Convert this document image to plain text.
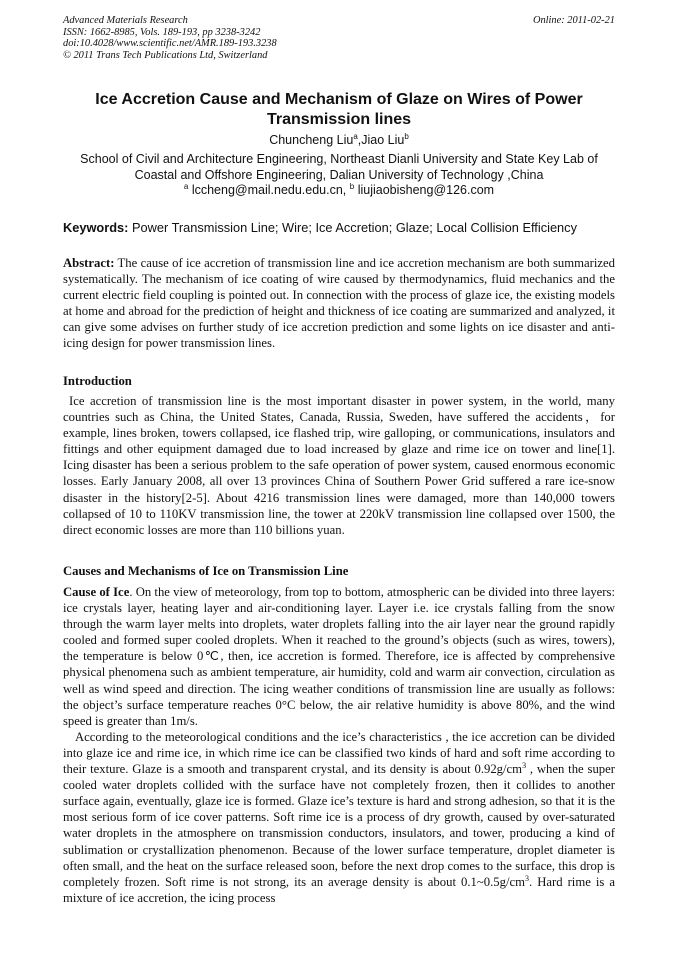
Advanced Materials Research
ISSN: 1662-8985, Vols. 189-193, pp 3238-3242
doi:10.4028/www.scientific.net/AMR.189-193.3238
© 2011 Trans Tech Publications Ltd, Switzerland
Online: 2011-02-21
Ice Accretion Cause and Mechanism of Glaze on Wires of Power
Transmission lines
Chuncheng Liu$^a$,Jiao Liu$^b$
School of Civil and Architecture Engineering, Northeast Dianli University and State Key Lab of
Coastal and Offshore Engineering, Dalian University of Technology ,China
$^a$ lccheng@mail.nedu.edu.cn, $^b$ liujiaobisheng@126.com
Keywords: Power Transmission Line; Wire; Ice Accretion; Glaze; Local Collision Efficiency

Abstract: The cause of ice accretion of transmission line and ice accretion mechanism are both summarized systematically. The mechanism of ice coating of wire caused by thermodynamics, fluid mechanics and the current electric field coupling is pointed out. In connection with the process of glaze ice, the existing models at home and abroad for the prediction of height and thickness of ice coating are summarized and analyzed, it can give some advises on further study of ice accretion prediction and some lights on ice disaster and anti-icing design for power transmission lines.

Introduction

Ice accretion of transmission line is the most important disaster in power system, in the world, many countries such as China, the United States, Canada, Russia, Sweden, have suffered the accidents，for example, lines broken, towers collapsed, ice flashed trip, wire galloping, or communications, insulators and fittings and other equipment damaged due to load increased by glaze and rime ice on tower and line[1]. Icing disaster has been a serious problem to the safe operation of power system, caused enormous economic losses. Early January 2008, all over 13 provinces China of Southern Power Grid suffered a rare ice-snow disaster in the history[2-5]. About 4216 transmission lines were damaged, more than 140,000 towers collapsed of 10 to 110KV transmission line, the tower at 220kV transmission line collapsed over 1500, the direct economic losses are more than 110 billions yuan.

Causes and Mechanisms of Ice on Transmission Line

Cause of Ice. On the view of meteorology, from top to bottom, atmospheric can be divided into three layers: ice crystals layer, heating layer and air-conditioning layer. Layer i.e. ice crystals falling from the snow through the warm layer melts into droplets, water droplets falling into the air layer near the ground rapidly cooled and formed super cooled droplets. When it reached to the ground’s objects (such as wires, towers), the temperature is below 0℃, then, ice accretion is formed. Therefore, ice is affected by comprehensive physical phenomena such as ambient temperature, air humidity, cold and warm air convection, circulation as well as wind speed and direction. The icing weather conditions of transmission line are usually as follows: the object’s surface temperature reaches 0°C below, the air relative humidity is above 80%, and the wind speed is greater than 1m/s.

According to the meteorological conditions and the ice’s characteristics , the ice accretion can be divided into glaze ice and rime ice, in which rime ice can be classified two kinds of hard and soft rime according to their texture. Glaze is a smooth and transparent crystal, and its density is about $0.92g/cm^3$ , when the super cooled water droplets collided with the surface have not completely frozen, then it collides to another surface again, eventually, glaze ice is formed. Glaze ice’s texture is hard and strong adhesion, so that it is the most serious form of ice cover patterns. Soft rime ice is a process of dry growth, caused by over-saturated water droplets in the atmosphere on transmission conductors, insulators, and tower, producing a kind of sublimation or crystallization phenomenon. Because of the lower surface temperature, droplet diameter is often small, and the heat on the surface released soon, before the next drop comes to the surface, this drop is completely frozen. Soft rime is not strong, its an average density is about $0.1\sim 0.5g/cm^3$. Hard rime is a mixture of ice accretion, the icing process
